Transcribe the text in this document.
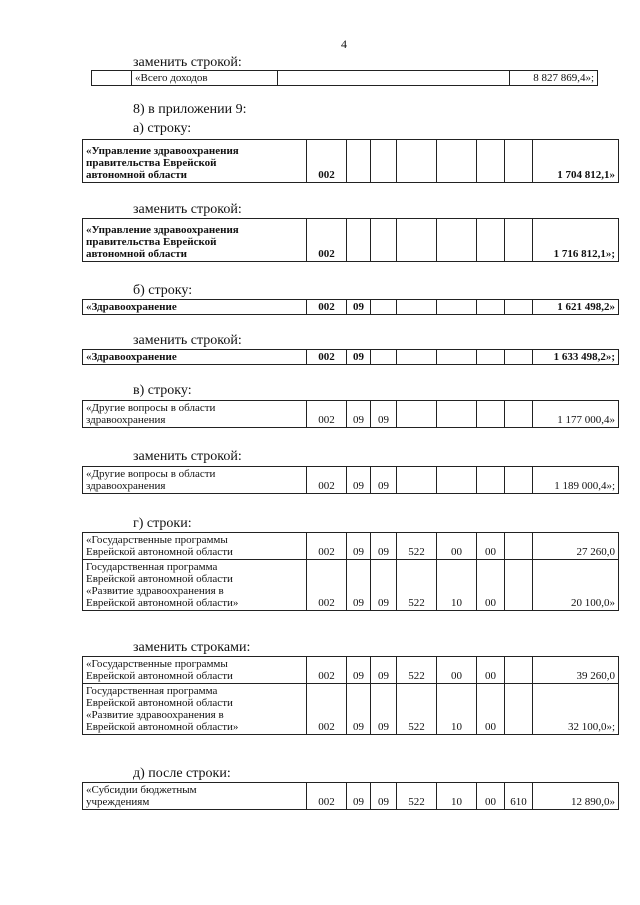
4
заменить строкой:
	«Всего доходов		8 827 869,4»;
8) в приложении 9:
а) строку:
«Управление здравоохранения
правительства Еврейской
автономной области	002							1 704 812,1»
заменить строкой:
«Управление здравоохранения
правительства Еврейской
автономной области	002							1 716 812,1»;
б) строку:
«Здравоохранение	002	09						1 621 498,2»
заменить строкой:
«Здравоохранение	002	09						1 633 498,2»;
в) строку:
«Другие вопросы в области
здравоохранения	002	09	09					1 177 000,4»
заменить строкой:
«Другие вопросы в области
здравоохранения	002	09	09					1 189 000,4»;
г) строки:
«Государственные программы
Еврейской автономной области	002	09	09	522	00	00		27 260,0

Государственная программа
Еврейской автономной области
«Развитие здравоохранения в
Еврейской автономной области»	002	09	09	522	10	00		20 100,0»
заменить строками:
«Государственные программы
Еврейской автономной области	002	09	09	522	00	00		39 260,0

Государственная программа
Еврейской автономной области
«Развитие здравоохранения в
Еврейской автономной области»	002	09	09	522	10	00		32 100,0»;
д) после строки:
«Субсидии бюджетным
учреждениям	002	09	09	522	10	00	610	12 890,0»
